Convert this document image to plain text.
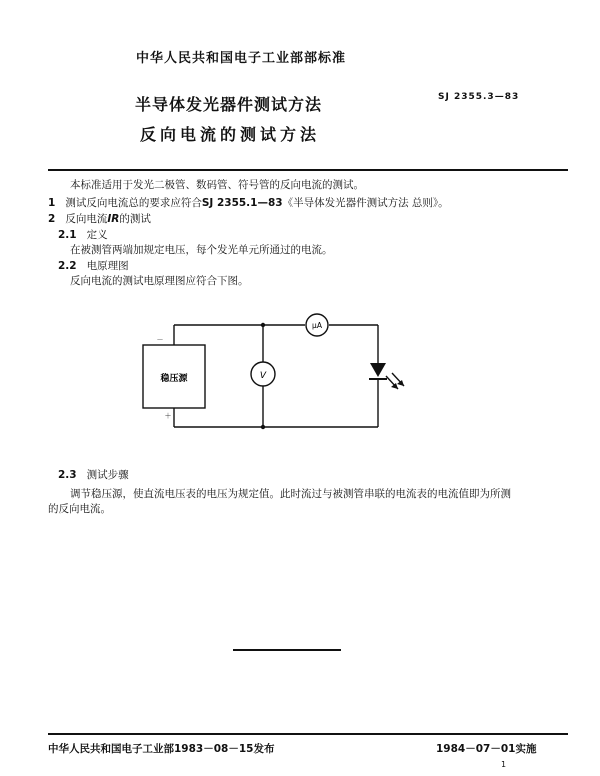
中华人民共和国电子工业部部标准
半导体发光器件测试方法	SJ 2355.3—83
反向电流的测试方法
本标准适用于发光二极管、数码管、符号管的反向电流的测试。
1 测试反向电流总的要求应符合SJ 2355.1—83《半导体发光器件测试方法 总则》。
2 反向电流IR的测试
2.1 定义
在被测管两端加规定电压，每个发光单元所通过的电流。
2.2 电原理图
反向电流的测试电原理图应符合下图。
稳压源
μA
V
－
＋
2.3 测试步骤
调节稳压源，使直流电压表的电压为规定值。此时流过与被测管串联的电流表的电流值即为所测
的反向电流。
中华人民共和国电子工业部1983－08－15发布	1984－07－01实施
1
